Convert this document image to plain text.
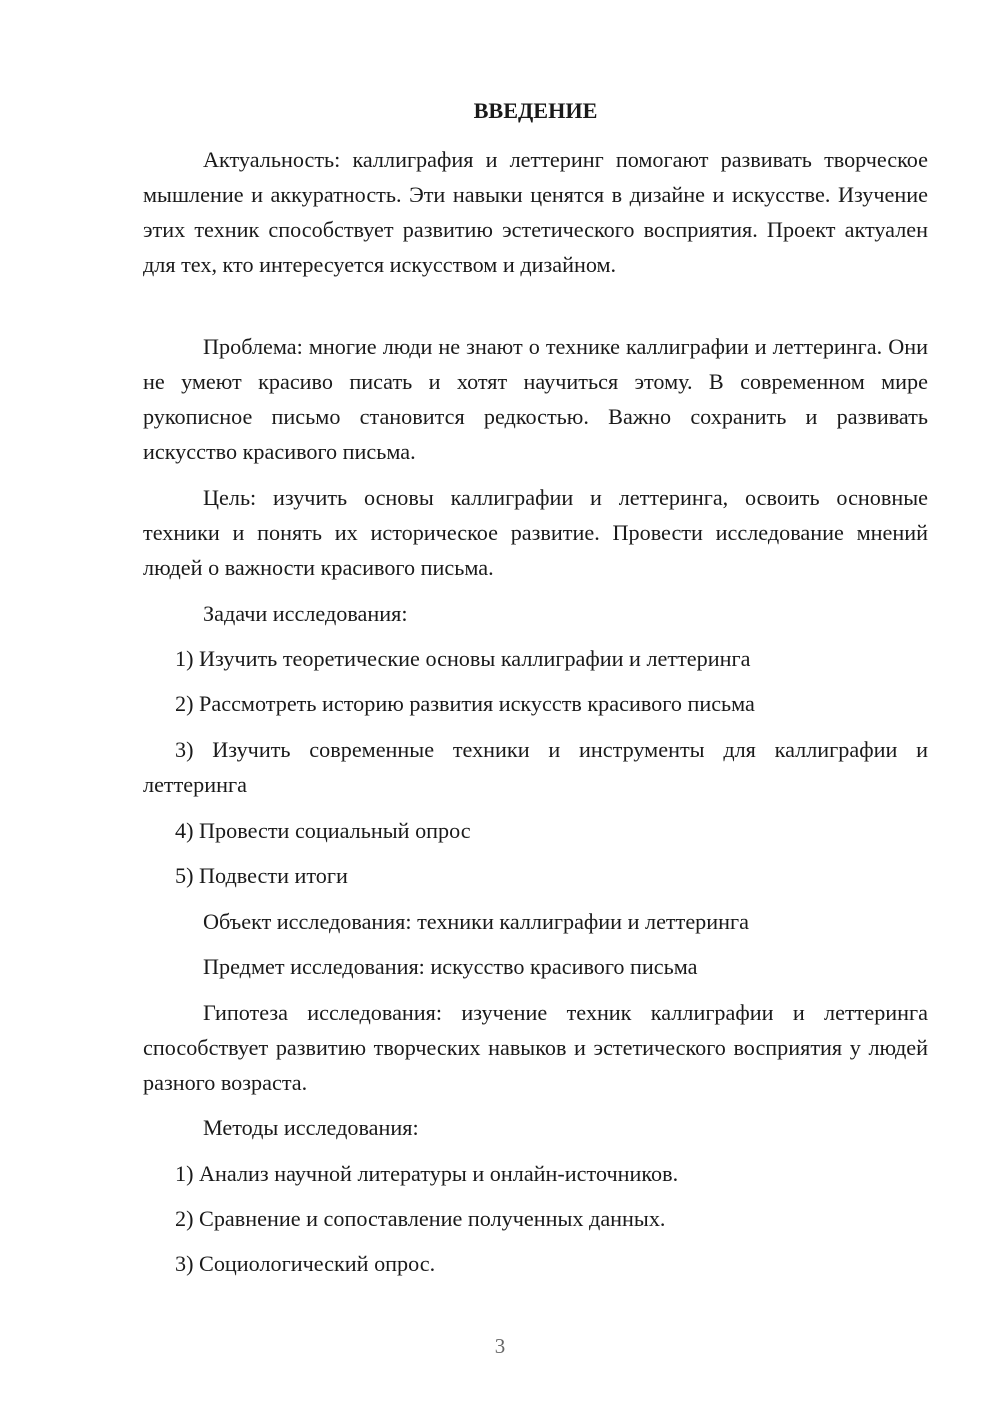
ВВЕДЕНИЕ

Актуальность: каллиграфия и леттеринг помогают развивать творческое мышление и аккуратность. Эти навыки ценятся в дизайне и искусстве. Изучение этих техник способствует развитию эстетического восприятия. Проект актуален для тех, кто интересуется искусством и дизайном.

Проблема: многие люди не знают о технике каллиграфии и леттеринга. Они не умеют красиво писать и хотят научиться этому. В современном мире рукописное письмо становится редкостью. Важно сохранить и развивать искусство красивого письма.

Цель: изучить основы каллиграфии и леттеринга, освоить основные техники и понять их историческое развитие. Провести исследование мнений людей о важности красивого письма.

Задачи исследования:

1) Изучить теоретические основы каллиграфии и леттеринга

2) Рассмотреть историю развития искусств красивого письма

3) Изучить современные техники и инструменты для каллиграфии и леттеринга

4) Провести социальный опрос

5) Подвести итоги

Объект исследования: техники каллиграфии и леттеринга

Предмет исследования: искусство красивого письма

Гипотеза исследования: изучение техник каллиграфии и леттеринга способствует развитию творческих навыков и эстетического восприятия у людей разного возраста.

Методы исследования:

1) Анализ научной литературы и онлайн-источников.

2) Сравнение и сопоставление полученных данных.

3) Социологический опрос.

3
